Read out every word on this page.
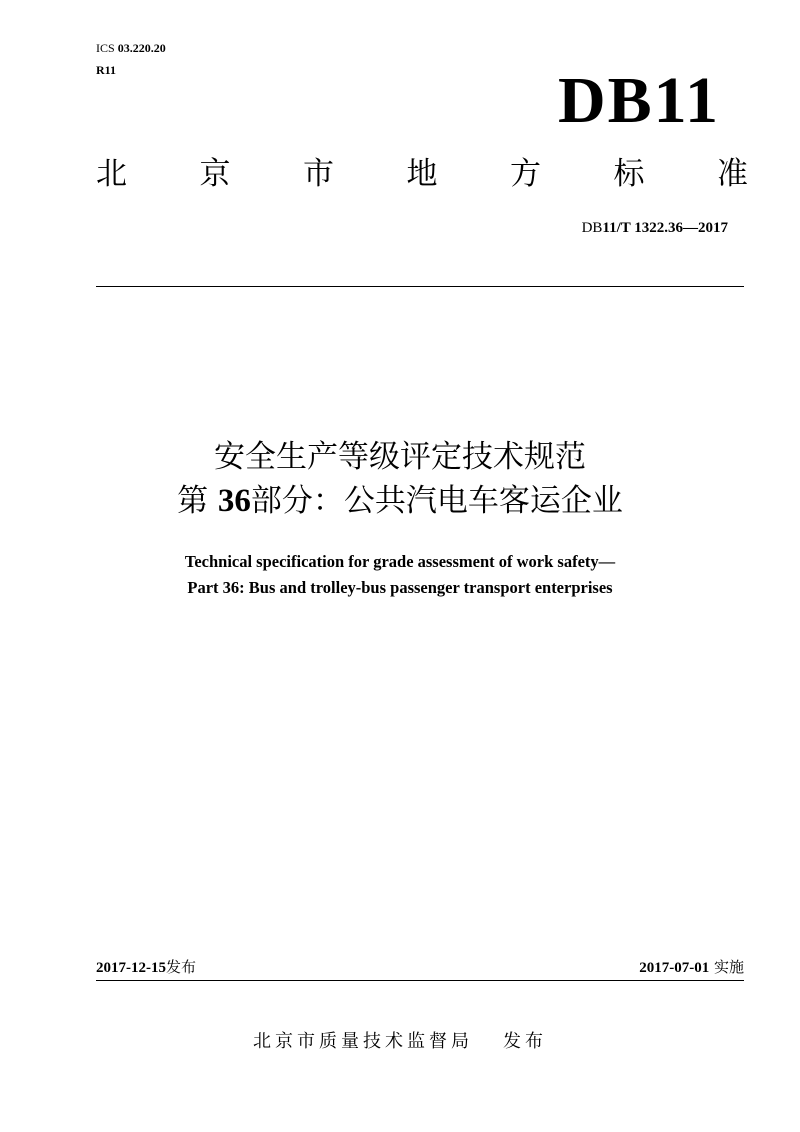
ICS 03.220.20
R11	DB11
北 京 市 地 方 标 准
DB11/T 1322.36—2017
安全生产等级评定技术规范
第 36部分：公共汽电车客运企业
Technical specification for grade assessment of work safety—
Part 36: Bus and trolley-bus passenger transport enterprises
2017-12-15发布	2017-07-01 实施
北京市质量技术监督局 发布
